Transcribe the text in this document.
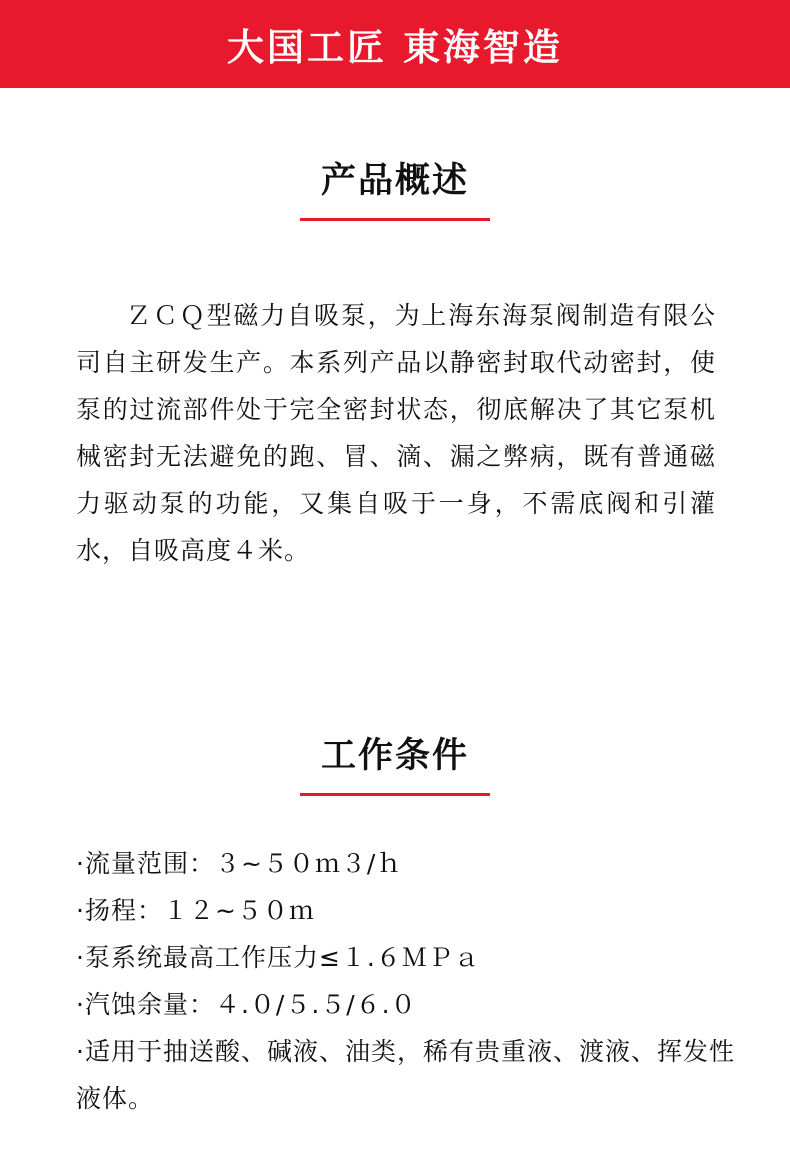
大国工匠 東海智造
产品概述
ＺＣＱ型磁力自吸泵，为上海东海泵阀制造有限公司自主研发生产。本系列产品以静密封取代动密封，使泵的过流部件处于完全密封状态，彻底解决了其它泵机械密封无法避免的跑、冒、滴、漏之弊病，既有普通磁力驱动泵的功能，又集自吸于一身，不需底阀和引灌水，自吸高度４米。
工作条件
·流量范围：３~５０ｍ３/ｈ
·扬程：１２~５０ｍ
·泵系统最高工作压力≤１.６ＭＰａ
·汽蚀余量：４.０/５.５/６.０
·适用于抽送酸、碱液、油类，稀有贵重液、渡液、挥发性液体。
